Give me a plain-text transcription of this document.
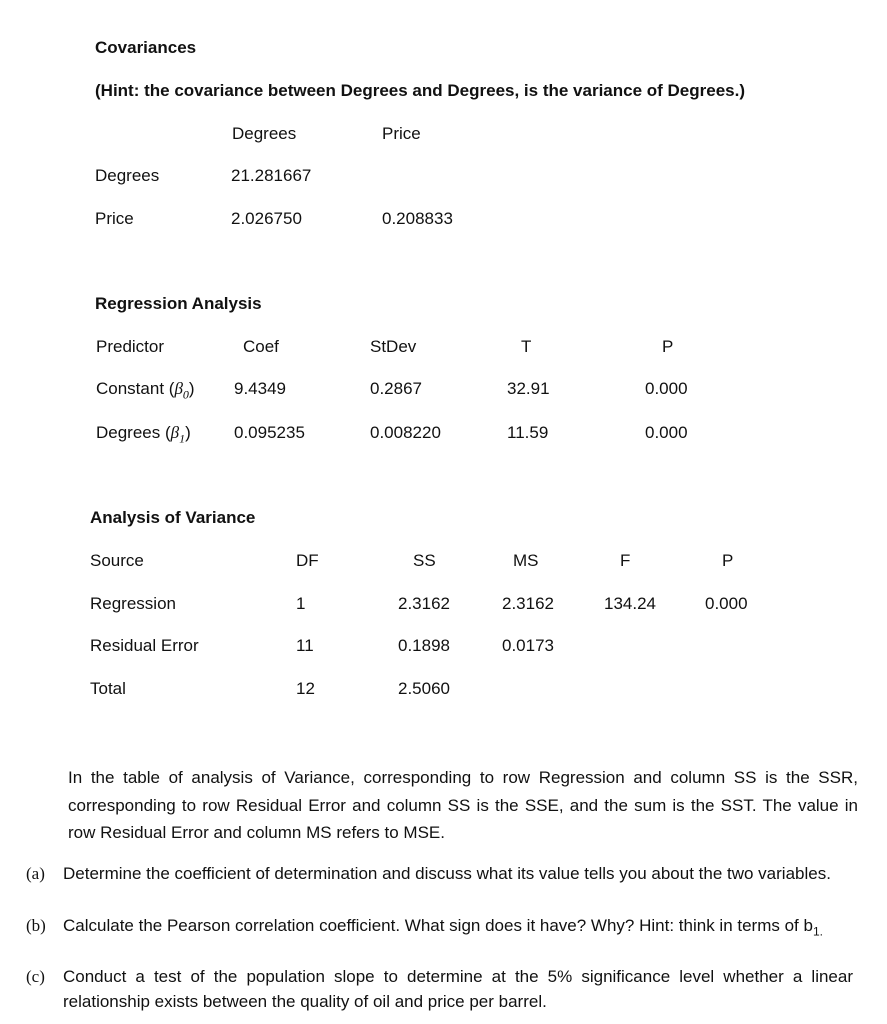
Covariances
(Hint: the covariance between Degrees and Degrees, is the variance of Degrees.)
Degrees	Price
Degrees	21.281667
Price	2.026750	0.208833
Regression Analysis
Predictor	Coef	StDev	T	P
Constant $(\beta_0)$ 9.4349	0.2867	32.91	0.000
Degrees $(\beta_1)$	0.095235	0.008220	11.59	0.000
Analysis of Variance
Source	DF	SS	MS	F	P
Regression	1	2.3162	2.3162	134.24	0.000
Residual Error	11	0.1898	0.0173
Total	12	2.5060
In the table of analysis of Variance, corresponding to row Regression and column SS is the SSR, corresponding to row Residual Error and column SS is the SSE, and the sum is the SST. The value in row Residual Error and column MS refers to MSE.
(a) Determine the coefficient of determination and discuss what its value tells you about the two variables.
(b) Calculate the Pearson correlation coefficient. What sign does it have? Why? Hint: think in terms of $b_{1.}$
(c) Conduct a test of the population slope to determine at the 5% significance level whether a linear relationship exists between the quality of oil and price per barrel.
